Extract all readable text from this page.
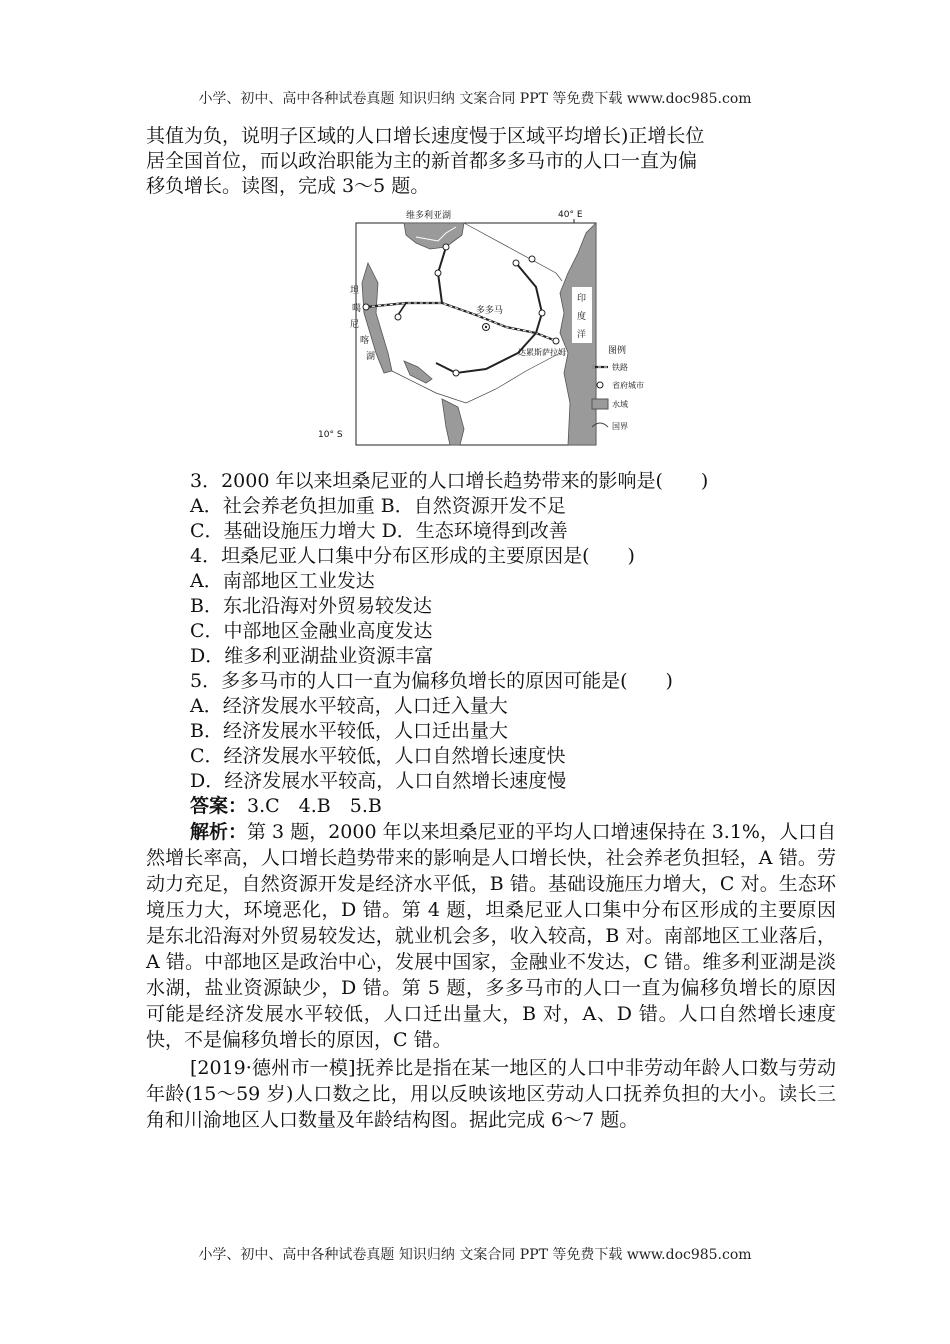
小学、初中、高中各种试卷真题 知识归纳 文案合同 PPT 等免费下载 www.doc985.com

其值为负，说明子区域的人口增长速度慢于区域平均增长)正增长位

居全国首位，而以政治职能为主的新首都多多马市的人口一直为偏

移负增长。读图，完成 3～5 题。

40° E
10° S
维多利亚湖
坦
噶
尼
喀
湖
印
度
洋
多多马
达累斯萨拉姆	图例
铁路
省府城市
水域
国界

3．2000 年以来坦桑尼亚的人口增长趋势带来的影响是(　　)

A．社会养老负担加重 B．自然资源开发不足

C．基础设施压力增大 D．生态环境得到改善

4．坦桑尼亚人口集中分布区形成的主要原因是(　　)

A．南部地区工业发达

B．东北沿海对外贸易较发达

C．中部地区金融业高度发达

D．维多利亚湖盐业资源丰富

5．多多马市的人口一直为偏移负增长的原因可能是(　　)

A．经济发展水平较高，人口迁入量大

B．经济发展水平较低，人口迁出量大

C．经济发展水平较低，人口自然增长速度快

D．经济发展水平较高，人口自然增长速度慢

答案：3.C　4.B　5.B

解析：第 3 题，2000 年以来坦桑尼亚的平均人口增速保持在 3.1%，人口自然增长率高，人口增长趋势带来的影响是人口增长快，社会养老负担轻，A 错。劳动力充足，自然资源开发是经济水平低，B 错。基础设施压力增大，C 对。生态环境压力大，环境恶化，D 错。第 4 题，坦桑尼亚人口集中分布区形成的主要原因是东北沿海对外贸易较发达，就业机会多，收入较高，B 对。南部地区工业落后，A 错。中部地区是政治中心，发展中国家，金融业不发达，C 错。维多利亚湖是淡水湖，盐业资源缺少，D 错。第 5 题，多多马市的人口一直为偏移负增长的原因可能是经济发展水平较低，人口迁出量大，B 对，A、D 错。人口自然增长速度快，不是偏移负增长的原因，C 错。

[2019·德州市一模]抚养比是指在某一地区的人口中非劳动年龄人口数与劳动年龄(15～59 岁)人口数之比，用以反映该地区劳动人口抚养负担的大小。读长三角和川渝地区人口数量及年龄结构图。据此完成 6～7 题。

小学、初中、高中各种试卷真题 知识归纳 文案合同 PPT 等免费下载 www.doc985.com
